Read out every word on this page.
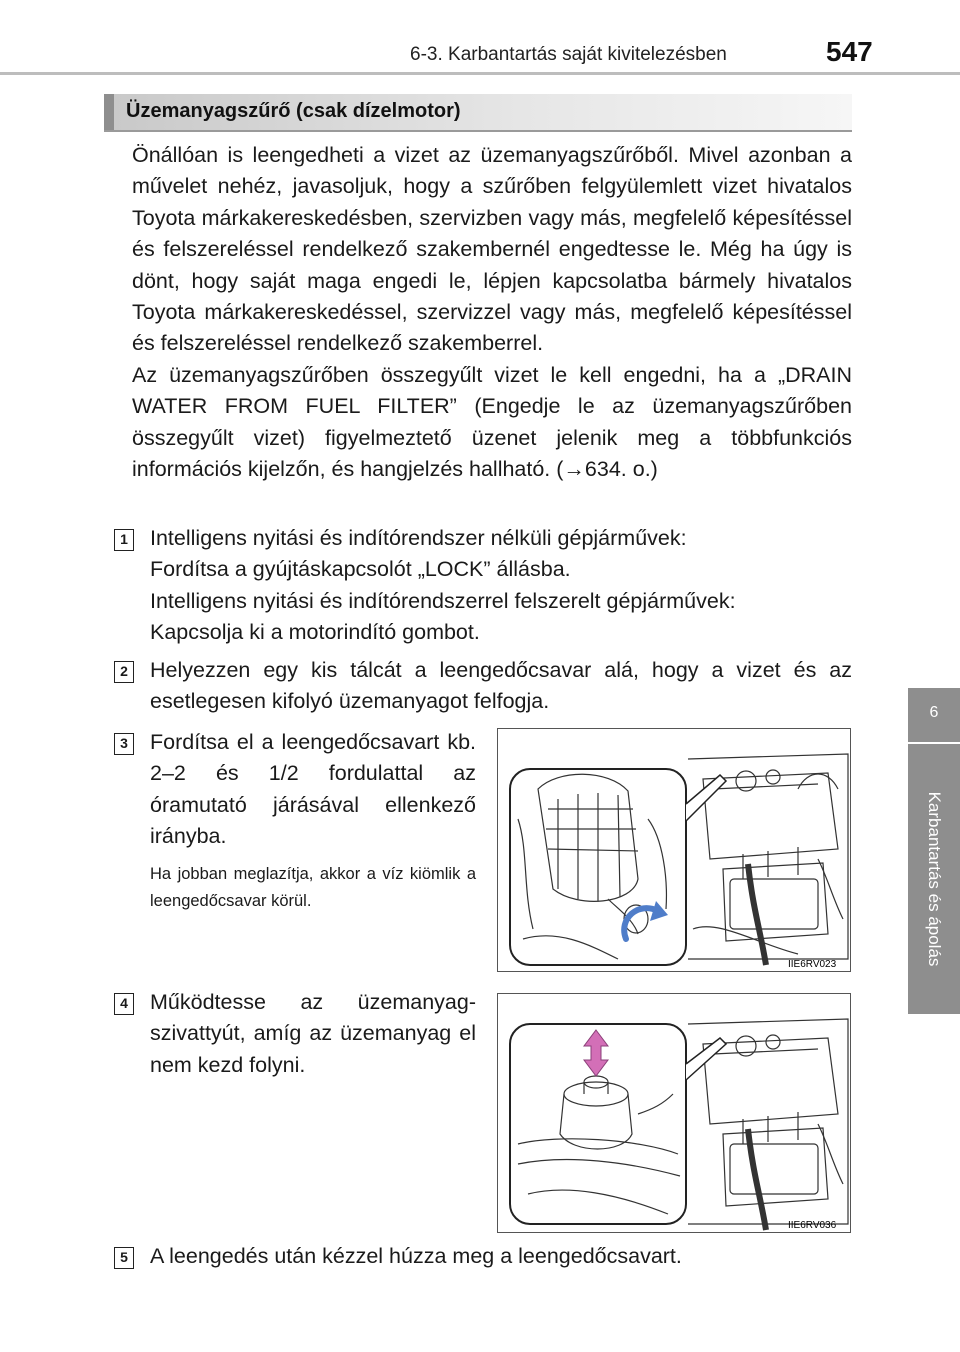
6-3. Karbantartás saját kivitelezésben	547
6
Karbantartás és ápolás
Üzemanyagszűrő (csak dízelmotor)

Önállóan is leengedheti a vizet az üzemanyagszűrőből. Mivel azonban a művelet nehéz, javasoljuk, hogy a szűrőben felgyülemlett vizet hivatalos Toyota márkakereskedésben, szervizben vagy más, megfelelő képesítéssel és felszereléssel rendelkező szakembernél engedtesse le. Még ha úgy is dönt, hogy saját maga engedi le, lépjen kapcsolatba bármely hivatalos Toyota márkakereskedéssel, szervizzel vagy más, megfelelő képesítéssel és felszereléssel rendelkező szakemberrel.

Az üzemanyagszűrőben összegyűlt vizet le kell engedni, ha a „DRAIN WATER FROM FUEL FILTER” (Engedje le az üzemanyagszűrőben összegyűlt vizet) figyelmeztető üzenet jelenik meg a többfunkciós információs kijelzőn, és hangjelzés hallható. (→634. o.)

1 Intelligens nyitási és indítórendszer nélküli gépjárművek:

Fordítsa a gyújtáskapcsolót „LOCK” állásba.

Intelligens nyitási és indítórendszerrel felszerelt gépjárművek:

Kapcsolja ki a motorindító gombot.

2 Helyezzen egy kis tálcát a leengedőcsavar alá, hogy a vizet és az esetlegesen kifolyó üzemanyagot felfogja.
3 Fordítsa el a leengedőcsavart kb. 2–2 és 1/2 fordulattal az óramutató járásával ellenkező irányba.
Ha jobban meglazítja, akkor a víz kiömlik a leengedőcsavar körül.
IIE6RV023
4 Működtesse az üzemanyag-szivattyút, amíg az üzemanyag el nem kezd folyni.
IIE6RV036
5 A leengedés után kézzel húzza meg a leengedőcsavart.
